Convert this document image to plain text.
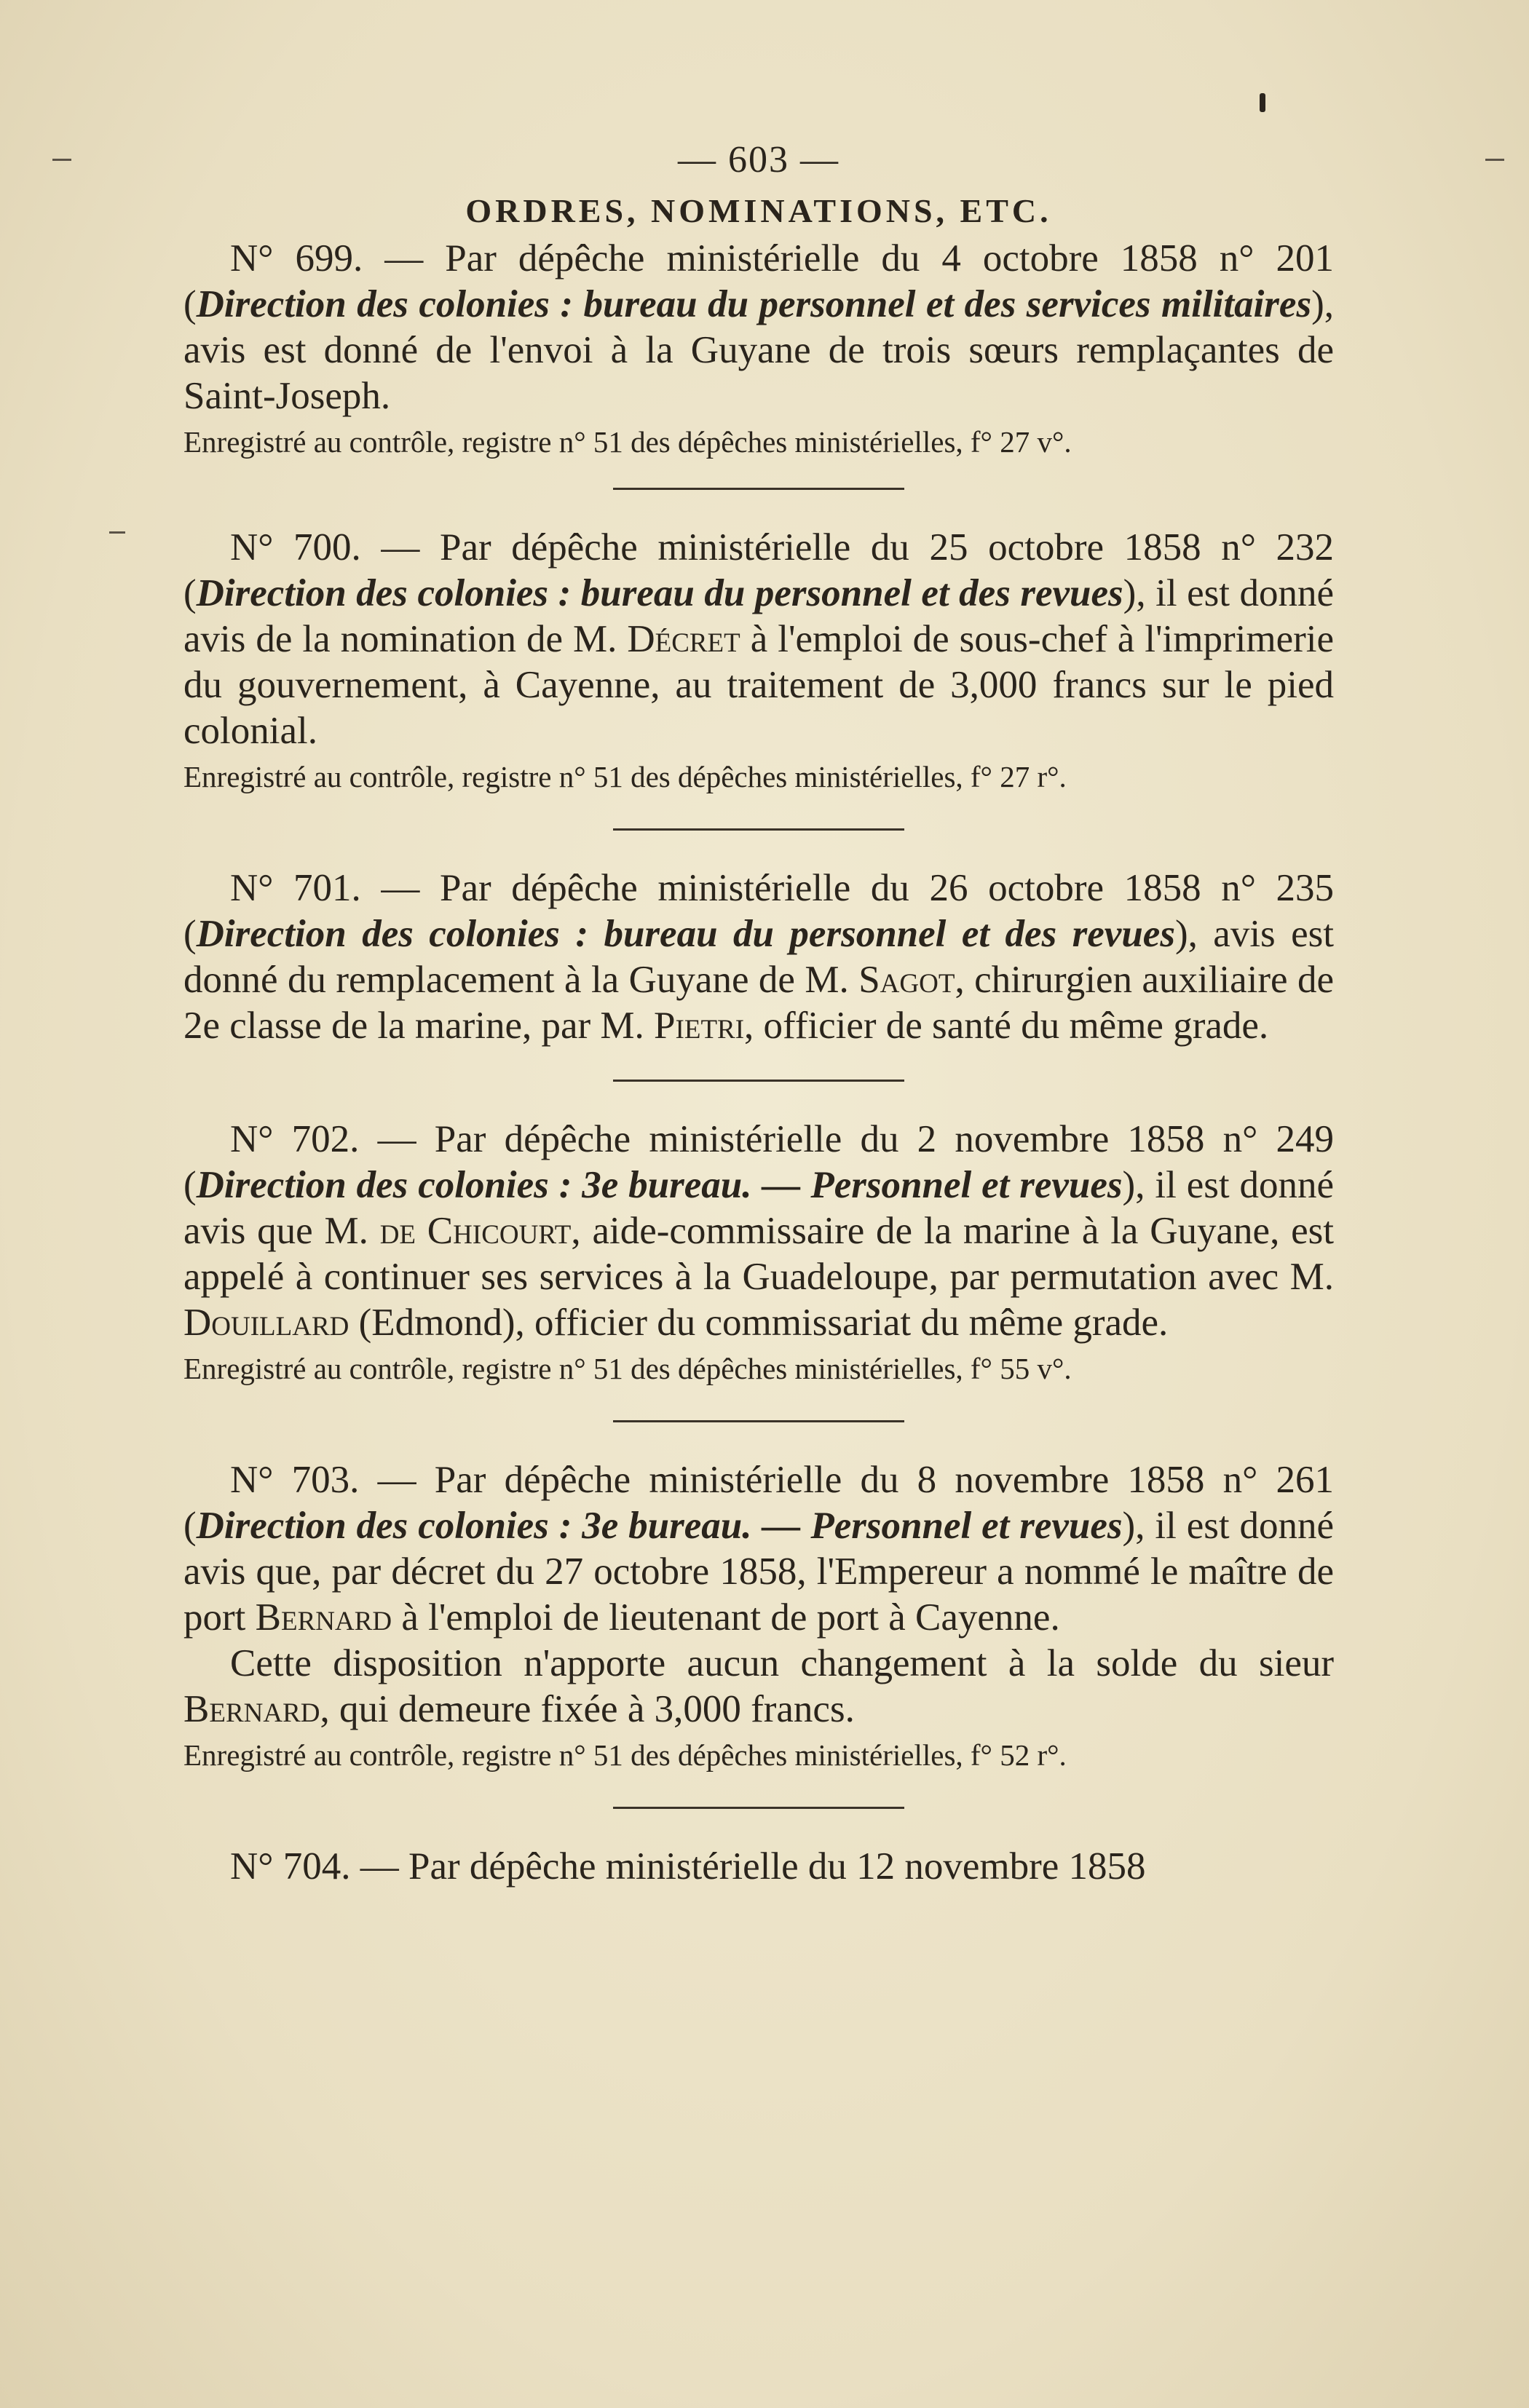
— 603 —
ORDRES, NOMINATIONS, ETC.

N° 699. — Par dépêche ministérielle du 4 octobre 1858 n° 201 (Direction des colonies : bureau du personnel et des services militaires), avis est donné de l'envoi à la Guyane de trois sœurs remplaçantes de Saint-Joseph.

Enregistré au contrôle, registre n° 51 des dépêches ministérielles, f° 27 v°.

N° 700. — Par dépêche ministérielle du 25 octobre 1858 n° 232 (Direction des colonies : bureau du personnel et des revues), il est donné avis de la nomination de M. Décret à l'emploi de sous-chef à l'imprimerie du gouvernement, à Cayenne, au traitement de 3,000 francs sur le pied colonial.

Enregistré au contrôle, registre n° 51 des dépêches ministérielles, f° 27 r°.

N° 701. — Par dépêche ministérielle du 26 octobre 1858 n° 235 (Direction des colonies : bureau du personnel et des revues), avis est donné du remplacement à la Guyane de M. Sagot, chirurgien auxiliaire de 2e classe de la marine, par M. Pietri, officier de santé du même grade.

N° 702. — Par dépêche ministérielle du 2 novembre 1858 n° 249 (Direction des colonies : 3e bureau. — Personnel et revues), il est donné avis que M. de Chicourt, aide-commissaire de la marine à la Guyane, est appelé à continuer ses services à la Guadeloupe, par permutation avec M. Douillard (Edmond), officier du commissariat du même grade.

Enregistré au contrôle, registre n° 51 des dépêches ministérielles, f° 55 v°.

N° 703. — Par dépêche ministérielle du 8 novembre 1858 n° 261 (Direction des colonies : 3e bureau. — Personnel et revues), il est donné avis que, par décret du 27 octobre 1858, l'Empereur a nommé le maître de port Bernard à l'emploi de lieutenant de port à Cayenne.

Cette disposition n'apporte aucun changement à la solde du sieur Bernard, qui demeure fixée à 3,000 francs.

Enregistré au contrôle, registre n° 51 des dépêches ministérielles, f° 52 r°.

N° 704. — Par dépêche ministérielle du 12 novembre 1858
